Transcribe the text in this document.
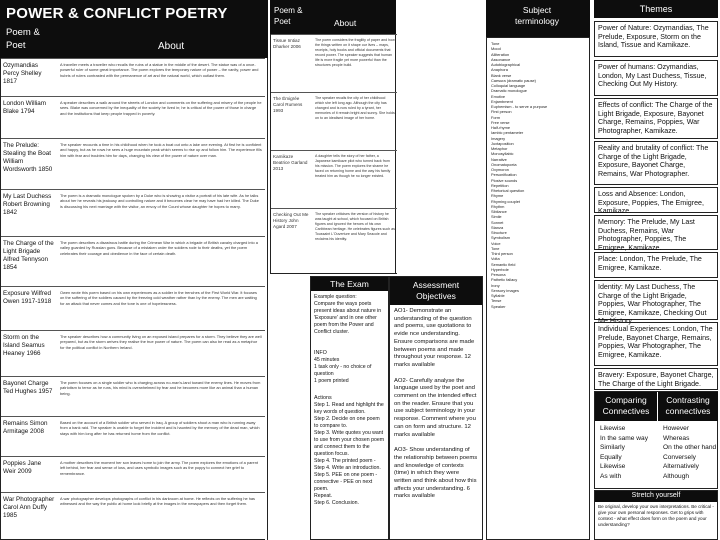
POWER & CONFLICT POETRY
Poem & Poet	About
Ozymandias Percy Shelley 1817
A traveller meets a traveller who recalls the ruins of a statue in the middle of the desert. The statue was of a once-powerful ruler of some great importance. The poem explores the temporary nature of power – the vanity, power and hubris of rulers contrasted with the permanence of art and the natural world, which outlast them.
London William Blake 1794
A speaker describes a walk around the streets of London and comments on the suffering and misery of the people he sees. Blake was concerned by the inequality of the society he lived in; he is critical of the power of those in charge and the institutions that keep people trapped in poverty.
The Prelude: Stealing the Boat William Wordsworth 1850
The speaker recounts a time in his childhood when he took a boat out onto a lake one evening. At first he is confident and happy, but as he rows he sees a huge mountain peak which seems to rise up and follow him. The experience fills him with fear and troubles him for days, changing his view of the power of nature over man.
My Last Duchess Robert Browning 1842
The poem is a dramatic monologue spoken by a Duke who is showing a visitor a portrait of his late wife. As he talks about her he reveals his jealousy and controlling nature and it becomes clear he may have had her killed. The Duke is discussing his next marriage with the visitor, an envoy of the Count whose daughter he hopes to marry.
The Charge of the Light Brigade Alfred Tennyson 1854
The poem describes a disastrous battle during the Crimean War in which a brigade of British cavalry charged into a valley guarded by Russian guns. Because of a mistaken order the soldiers rode to their deaths, yet the poem celebrates their courage and obedience in the face of certain death.
Exposure Wilfred Owen 1917-1918
Owen wrote this poem based on his own experiences as a soldier in the trenches of the First World War. It focuses on the suffering of the soldiers caused by the freezing cold weather rather than by the enemy. The men are waiting for an attack that never comes and the tone is one of hopelessness.
Storm on the Island Seamus Heaney 1966
The speaker describes how a community living on an exposed island prepares for a storm. They believe they are well prepared, but as the storm arrives they realise the true power of nature. The poem can also be read as a metaphor for the political conflict in Northern Ireland.
Bayonet Charge Ted Hughes 1957
The poem focuses on a single soldier who is charging across no-man's-land toward the enemy lines. He moves from patriotism to terror as he runs, his mind is overwhelmed by fear and he becomes more like an animal than a human being.
Remains Simon Armitage 2008
Based on the account of a British soldier who served in Iraq. A group of soldiers shoot a man who is running away from a bank raid. The speaker is unable to forget the incident and is haunted by the memory of the dead man, which stays with him long after he has returned home from the conflict.
Poppies Jane Weir 2009
A mother describes the moment her son leaves home to join the army. The poem explores the emotions of a parent left behind, her fear and sense of loss, and uses symbolic images such as the poppy to connect her grief to remembrance.
War Photographer Carol Ann Duffy 1985
A war photographer develops photographs of conflict in his darkroom at home. He reflects on the suffering he has witnessed and the way the public at home look briefly at the images in the newspapers and then forget them.
Poem & Poet	About
Tissue Imtiaz Dharker 2006
The poem considers the fragility of paper and how the things written on it shape our lives – maps, receipts, holy books and official documents that record power. The speaker suggests that human life is more fragile yet more powerful than the structures people build.
The Émigrée Carol Rumens 1993
The speaker recalls the city of her childhood which she left long ago. Although the city has changed and is now ruled by a tyrant, her memories of it remain bright and sunny. She holds on to an idealised image of her home.
Kamikaze Beatrice Garland 2013
A daughter tells the story of her father, a Japanese kamikaze pilot who turned back from his mission. The poem explores the shame he faced on returning home and the way his family treated him as though he no longer existed.
Checking Out Me History John Agard 2007
The speaker criticises the version of history he was taught at school, which focused on British figures and ignored the heroes of his own Caribbean heritage. He celebrates figures such as Toussaint L'Ouverture and Mary Seacole and reclaims his identity.
The Exam
Example question:
Compare the ways poets present ideas about nature in 'Exposure' and in one other poem from the Power and Conflict cluster.
INFO
45 minutes
1 task only - no choice of question
1 poem printed
Actions
Step 1. Read and highlight the key words of question.
Step 2. Decide on one poem to compare to.
Step 3. Write quotes you want to use from your chosen poem and connect them to the question focus.
Step 4. The printed poem - Step 4. Write an introduction.
Step 5. PEE on one poem - connective - PEE on next poem.
Repeat.
Step 6. Conclusion.
Assessment Objectives
AO1- Demonstrate an understanding of the question and poems, use quotations to evide nce understanding. Ensure comparisons are made between poems and made throughout your response. 12 marks available
AO2- Carefully analyse the language used by the poet and comment on the intended effect on the reader. Ensure that you use subject terminology in your response. Comment where you can on form and structure. 12 marks available
AO3- Show understanding of the relationship between poems and knowledge of contexts (time) in which they were written and think about how this affects your understanding. 6 marks available
Subject terminology
Tone
Mood
Alliteration
Assonance
Autobiographical
Anaphora
Blank verse
Caesura (dramatic pause)
Colloquial language
Dramatic monologue
Emotive
Enjambment
Euphemism - to serve a purpose
First person
Form
Free verse
Half-rhyme
Iambic pentameter
Imagery
Juxtaposition
Metaphor
Monosyllabic
Narrative
Onomatopoeia
Oxymoron
Personification
Plosive sounds
Repetition
Rhetorical question
Rhyme
Rhyming couplet
Rhythm
Sibilance
Simile
Sonnet
Stanza
Structure
Symbolism
Voice
Tone
Third person
Volta
Semantic field
Hyperbole
Persona
Pathetic fallacy
Irony
Sensory images
Syllable
Tense
Speaker
Themes
Power of Nature: Ozymandias, The Prelude, Exposure, Storm on the Island, Tissue and Kamikaze.
Power of humans: Ozymandias, London, My Last Duchess, Tissue, Checking Out My History.
Effects of conflict: The Charge of the Light Brigade, Exposure, Bayonet Charge, Remains, Poppies, War Photographer, Kamikaze.
Reality and brutality of conflict: The Charge of the Light Brigade, Exposure, Bayonet Charge, Remains, War Photographer.
Loss and Absence: London, Exposure, Poppies, The Emigree, Kamikaze.
Memory: The Prelude, My Last Duchess, Remains, War Photographer, Poppies, The Emigree, Kamikaze.
Place: London, The Prelude, The Emigree, Kamikaze.
Identity: My Last Duchess, The Charge of the Light Brigade, Poppies, War Photographer, The Emigree, Kamikaze, Checking Out Me History.
Individual Experiences: London, The Prelude, Bayonet Charge, Remains, Poppies, War Photographer, The Emigree, Kamikaze.
Bravery: Exposure, Bayonet Charge, The Charge of the Light Brigade.
Comparing Connectives
Contrasting connectives
Likewise
In the same way
Similarly
Equally
Likewise
As with
However
Whereas
On the other hand
Conversely
Alternatively
Although
Stretch yourself
Be original, develop your own interpretations. Be critical - give your own personal responses. Get to grips with context - what effect does form on the poem and your understanding?
